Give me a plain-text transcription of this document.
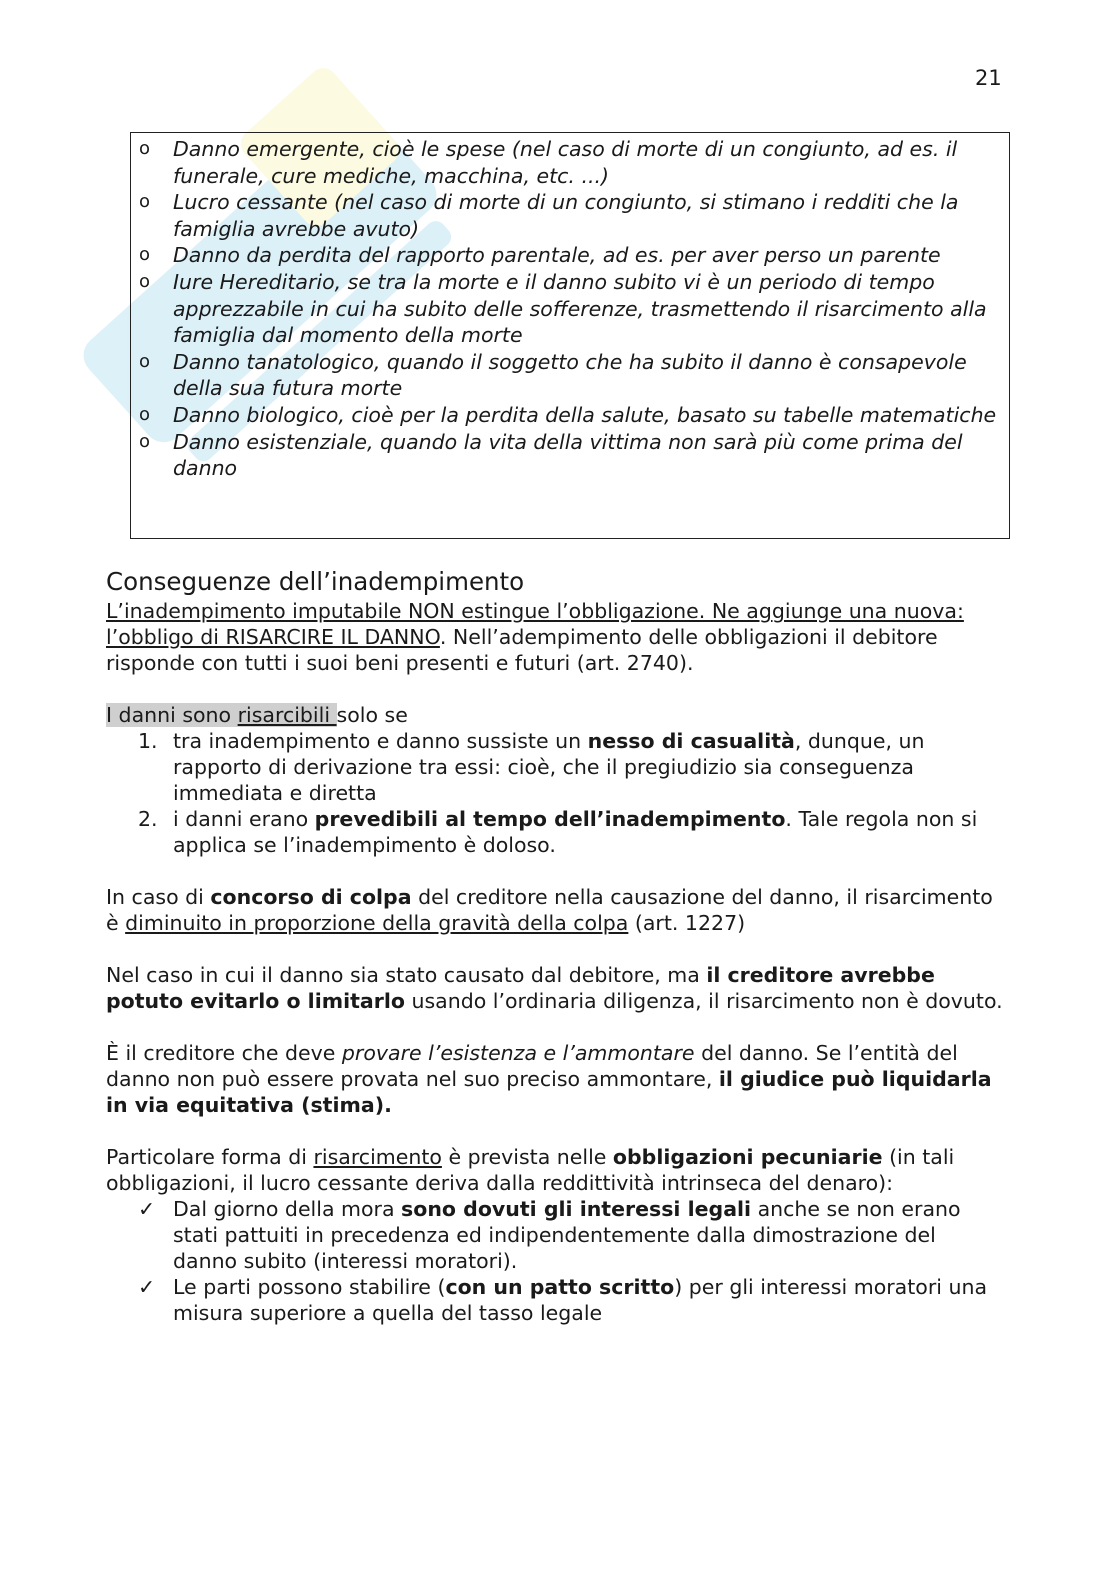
21
o Danno emergente, cioè le spese (nel caso di morte di un congiunto, ad es. il funerale, cure mediche, macchina, etc. ...)
o Lucro cessante (nel caso di morte di un congiunto, si stimano i redditi che la famiglia avrebbe avuto)
o Danno da perdita del rapporto parentale, ad es. per aver perso un parente
o Iure Hereditario, se tra la morte e il danno subito vi è un periodo di tempo apprezzabile in cui ha subito delle sofferenze, trasmettendo il risarcimento alla famiglia dal momento della morte
o Danno tanatologico, quando il soggetto che ha subito il danno è consapevole della sua futura morte
o Danno biologico, cioè per la perdita della salute, basato su tabelle matematiche
o Danno esistenziale, quando la vita della vittima non sarà più come prima del danno
Conseguenze dell’inadempimento

L’inadempimento imputabile NON estingue l’obbligazione. Ne aggiunge una nuova: l’obbligo di RISARCIRE IL DANNO. Nell’adempimento delle obbligazioni il debitore risponde con tutti i suoi beni presenti e futuri (art. 2740).

I danni sono risarcibili solo se

1. tra inadempimento e danno sussiste un nesso di casualità, dunque, un rapporto di derivazione tra essi: cioè, che il pregiudizio sia conseguenza immediata e diretta
2. i danni erano prevedibili al tempo dell’inadempimento. Tale regola non si applica se l’inadempimento è doloso.

In caso di concorso di colpa del creditore nella causazione del danno, il risarcimento è diminuito in proporzione della gravità della colpa (art. 1227)

Nel caso in cui il danno sia stato causato dal debitore, ma il creditore avrebbe potuto evitarlo o limitarlo usando l’ordinaria diligenza, il risarcimento non è dovuto.

È il creditore che deve provare l’esistenza e l’ammontare del danno. Se l’entità del danno non può essere provata nel suo preciso ammontare, il giudice può liquidarla in via equitativa (stima).

Particolare forma di risarcimento è prevista nelle obbligazioni pecuniarie (in tali obbligazioni, il lucro cessante deriva dalla reddittività intrinseca del denaro):

✓ Dal giorno della mora sono dovuti gli interessi legali anche se non erano stati pattuiti in precedenza ed indipendentemente dalla dimostrazione del danno subito (interessi moratori).
✓ Le parti possono stabilire (con un patto scritto) per gli interessi moratori una misura superiore a quella del tasso legale
